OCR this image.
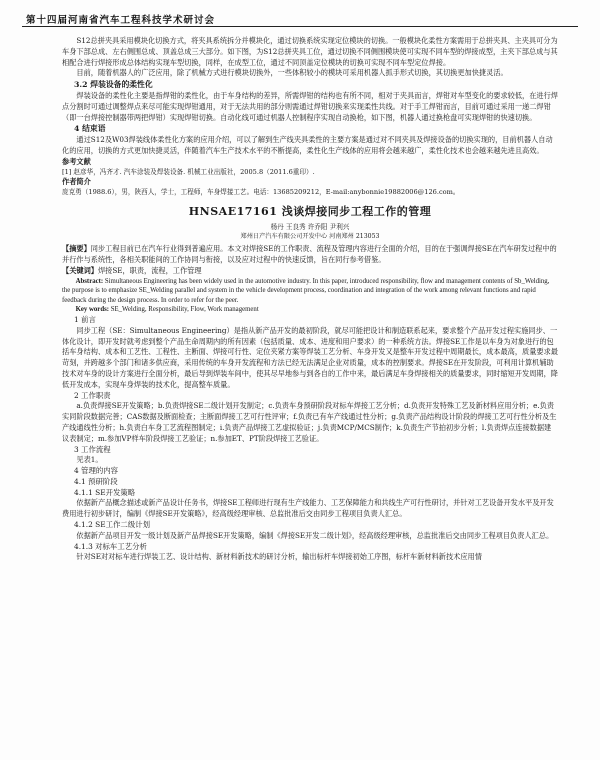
第十四届河南省汽车工程科技学术研讨会

S12总拼夹具采用模块化切换方式，将夹具系统拆分并模块化，通过切换系统实现定位模块的切换。一般模块化柔性方案需用于总拼夹具、主夹具可分为车身下部总成、左右侧围总成、顶盖总成三大部分。如下图，为S12总拼夹具工位，通过切换不同侧围模块使可实现不同车型的焊接成型，主夹下部总成与其相配合进行焊接形成总体结构实现车型切换，同样，在成型工位，通过不同顶盖定位模块的切换可实现不同车型定位焊接。

目前，随着机器人的广泛应用，除了机械方式进行模块切换外，一些体积较小的模块可采用机器人抓手形式切换，其切换更加快捷灵活。

3.2 焊装设备的柔性化

焊装设备的柔性化主要是指焊钳的柔性化，由于车身结构的差异，所需焊钳的结构也有所不同，相对于夹具而言，焊钳对车型变化的要求较低，在进行焊点分割时可通过调整焊点来尽可能实现焊钳通用，对于无法共用的部分则需通过焊钳切换来实现柔性共线。对于手工焊钳而言，目前可通过采用一递二焊钳（即一台焊接控制器带两把焊钳）实现焊钳切换。自动化线可通过机器人控制程序实现自动换枪，如下图，机器人通过换枪盘可实现焊钳的快速切换。

4 结束语

通过S12及W03焊装线体柔性化方案的应用介绍，可以了解到生产线夹具柔性的主要方案是通过对不同夹具及焊接设备的切换实现的，目前机器人自动化的应用，切换的方式更加快捷灵活，伴随着汽车生产技术水平的不断提高，柔性化生产线体的应用将会越来越广，柔性化技术也会越来越先进且高效。

参考文献
[1] 赵彦华，冯齐才. 汽车涂装及焊装设备. 机械工业出版社，2005.8（2011.6重印）.
作者简介
庞克勇（1988.6），男，陕西人，学士，工程师，车身焊接工艺。电话：13685209212，E-mail:anybonnie19882006@126.com。
HNSAE17161 浅谈焊接同步工程工作的管理
杨丹 王良秀 许乔阳 尹利兴
郑州日产汽车有限公司开发中心 河南郑州 213053

【摘要】同步工程目前已在汽车行业得到普遍应用。本文对焊接SE的工作职责、流程及管理内容进行全面的介绍，目的在于强调焊接SE在汽车研发过程中的并行作与系统性，各相关职能间的工作协同与衔接，以及应对过程中的快速反馈，旨在同行参考借鉴。

【关键词】焊接SE，职责，流程，工作管理

Abstract: Simultaneous Engineering has been widely used in the automotive industry. In this paper, introduced responsibility, flow and management contents of Sb_Welding, the purpose is to emphasize SE_Welding parallel and system in the vehicle development process, coordination and integration of the work among relevant functions and rapid feedback during the design process. In order to refer for the peer.

Key words: SE_Welding, Responsibility, Flow, Work management

1 前言

同步工程（SE：Simultaneous Engineering）是指从新产品开发的最初阶段，就尽可能把设计和制造联系起来，要求整个产品开发过程实施同步、一体化设计，即开发时就考虑到整个产品生命周期内的所有因素（包括质量、成本、进度和用户要求）的一种系统方法。焊接SE工作是以车身为对象进行的包括车身结构、成本和工艺性、工程性、主断面、焊接可行性、定位夹紧方案等焊装工艺分析、车身开发又是整车开发过程中周期最长，成本最高，质量要求最苛刻，并跨越多个部门和诸多供应商，采用传统的车身开发流程和方法已经无法满足企业对质量，成本的控制要求。焊接SE在开发阶段，可利用计算机辅助技术对车身的设计方案进行全面分析，最后导到焊装车间中，使其尽早地参与到各自的工作中来，最后满足车身焊接相关的质量要求，同时缩短开发周期，降低开发成本，实现车身焊装的技术化，提高整车质量。

2 工作职责

a.负责焊接SE开发策略；b.负责焊接SE二级计划开发制定；c.负责车身预研阶段对标车焊接工艺分析；d.负责开发特殊工艺及新材料应用分析；e.负责实同阶段数据完善；CAS数据及断面检查；主断面焊接工艺可行性评审；f.负责已有车产线通过性分析；g.负责产品结构设计阶段的焊接工艺可行性分析及生产线通线性分析；h.负责白车身工艺流程图制定；i.负责产品焊接工艺虚拟验证；j.负责MCP/MCS制作；k.负责生产节拍初步分析；l.负责焊点连接数据建议表制定；m.参加VP样车阶段焊接工艺验证；n.参加ET、PT阶段焊接工艺验证。

3 工作流程

见表1。

4 管理的内容
4.1 预研阶段
4.1.1 SE开发策略

依据新产品概念描述或新产品设计任务书，焊接SE工程师进行现有生产线能力、工艺保障能力和共线生产可行性研讨，并针对工艺设备开发水平及开发费用进行初步研讨，编制《焊接SE开发策略》，经高级经理审核、总监批准后交由同步工程项目负责人汇总。

4.1.2 SE工作二级计划

依据新产品项目开发一级计划及新产品焊接SE开发策略，编制《焊接SE开发二级计划》，经高级经理审核，总监批准后交由同步工程项目负责人汇总。

4.1.3 对标车工艺分析

针对SE对对标车进行焊装工艺、设计结构、新材料新技术的研讨分析，输出标杆车焊接初始工序图，标杆车新材料新技术应用情
